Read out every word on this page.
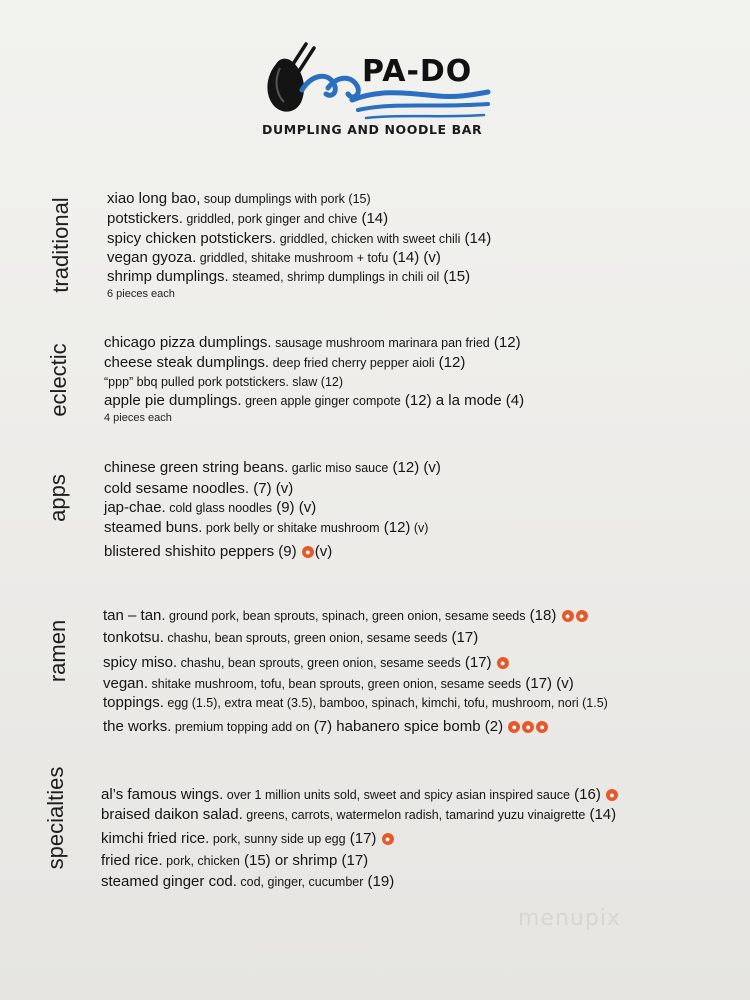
PA-DO
DUMPLING AND NOODLE BAR
traditional
eclectic
apps
ramen
specialties
xiao long bao, soup dumplings with pork (15)
potstickers. griddled, pork ginger and chive (14)
spicy chicken potstickers. griddled, chicken with sweet chili (14)
vegan gyoza. griddled, shitake mushroom + tofu (14) (v)
shrimp dumplings. steamed, shrimp dumplings in chili oil (15)
6 pieces each
chicago pizza dumplings. sausage mushroom marinara pan fried (12)
cheese steak dumplings. deep fried cherry pepper aioli (12)
“ppp” bbq pulled pork potstickers. slaw (12)
apple pie dumplings. green apple ginger compote (12) a la mode (4)
4 pieces each
chinese green string beans. garlic miso sauce (12) (v)
cold sesame noodles. (7) (v)
jap-chae. cold glass noodles (9) (v)
steamed buns. pork belly or shitake mushroom (12) (v)
blistered shishito peppers (9) ● (v)
tan – tan. ground pork, bean sprouts, spinach, green onion, sesame seeds (18) ● ●
tonkotsu. chashu, bean sprouts, green onion, sesame seeds (17)
spicy miso. chashu, bean sprouts, green onion, sesame seeds (17) ●
vegan. shitake mushroom, tofu, bean sprouts, green onion, sesame seeds (17) (v)
toppings. egg (1.5), extra meat (3.5), bamboo, spinach, kimchi, tofu, mushroom, nori (1.5)
the works. premium topping add on (7) habanero spice bomb (2) ● ● ●
al’s famous wings. over 1 million units sold, sweet and spicy asian inspired sauce (16) ●
braised daikon salad. greens, carrots, watermelon radish, tamarind yuzu vinaigrette (14)
kimchi fried rice. pork, sunny side up egg (17) ●
fried rice. pork, chicken (15) or shrimp (17)
steamed ginger cod. cod, ginger, cucumber (19)
menupix
